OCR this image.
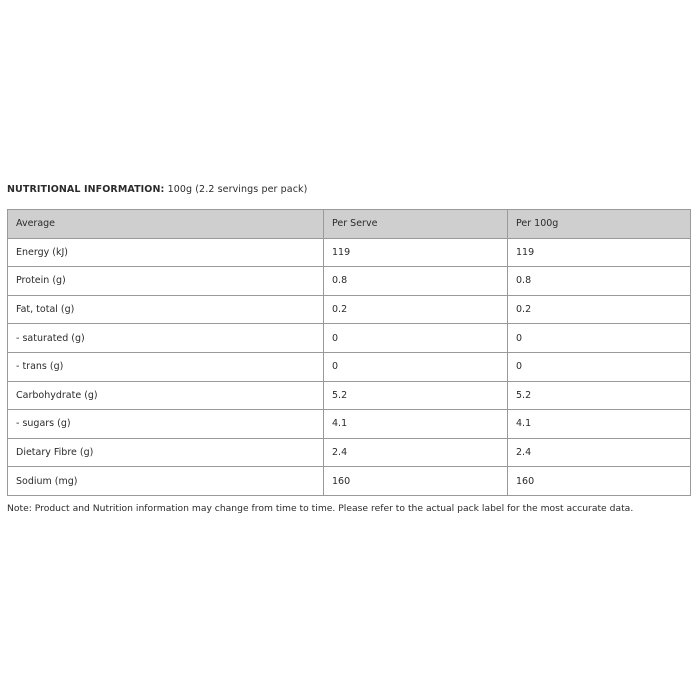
NUTRITIONAL INFORMATION: 100g (2.2 servings per pack)
Average	Per Serve	Per 100g
Energy (kJ)	119	119
Protein (g)	0.8	0.8
Fat, total (g)	0.2	0.2
- saturated (g)	0	0
- trans (g)	0	0
Carbohydrate (g)	5.2	5.2
- sugars (g)	4.1	4.1
Dietary Fibre (g)	2.4	2.4
Sodium (mg)	160	160
Note: Product and Nutrition information may change from time to time. Please refer to the actual pack label for the most accurate data.
